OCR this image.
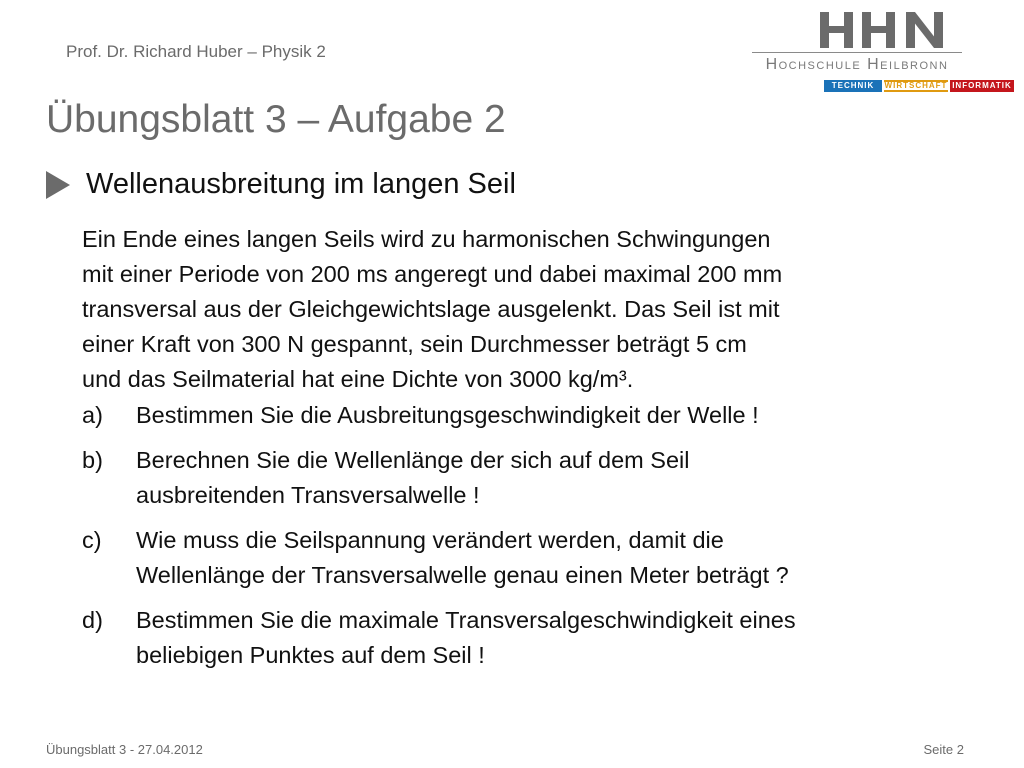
Prof. Dr. Richard Huber – Physik 2
Hochschule Heilbronn
TECHNIK	WIRTSCHAFT INFORMATIK
Übungsblatt 3 – Aufgabe 2
Wellenausbreitung im langen Seil
Ein Ende eines langen Seils wird zu harmonischen Schwingungen
mit einer Periode von 200 ms angeregt und dabei maximal 200 mm
transversal aus der Gleichgewichtslage ausgelenkt. Das Seil ist mit
einer Kraft von 300 N gespannt, sein Durchmesser beträgt 5 cm
und das Seilmaterial hat eine Dichte von 3000 kg/m³.
a)	Bestimmen Sie die Ausbreitungsgeschwindigkeit der Welle !
b)	Berechnen Sie die Wellenlänge der sich auf dem Seil
ausbreitenden Transversalwelle !
c)	Wie muss die Seilspannung verändert werden, damit die
Wellenlänge der Transversalwelle genau einen Meter beträgt ?
d)	Bestimmen Sie die maximale Transversalgeschwindigkeit eines
beliebigen Punktes auf dem Seil !
Übungsblatt 3 - 27.04.2012	Seite 2
